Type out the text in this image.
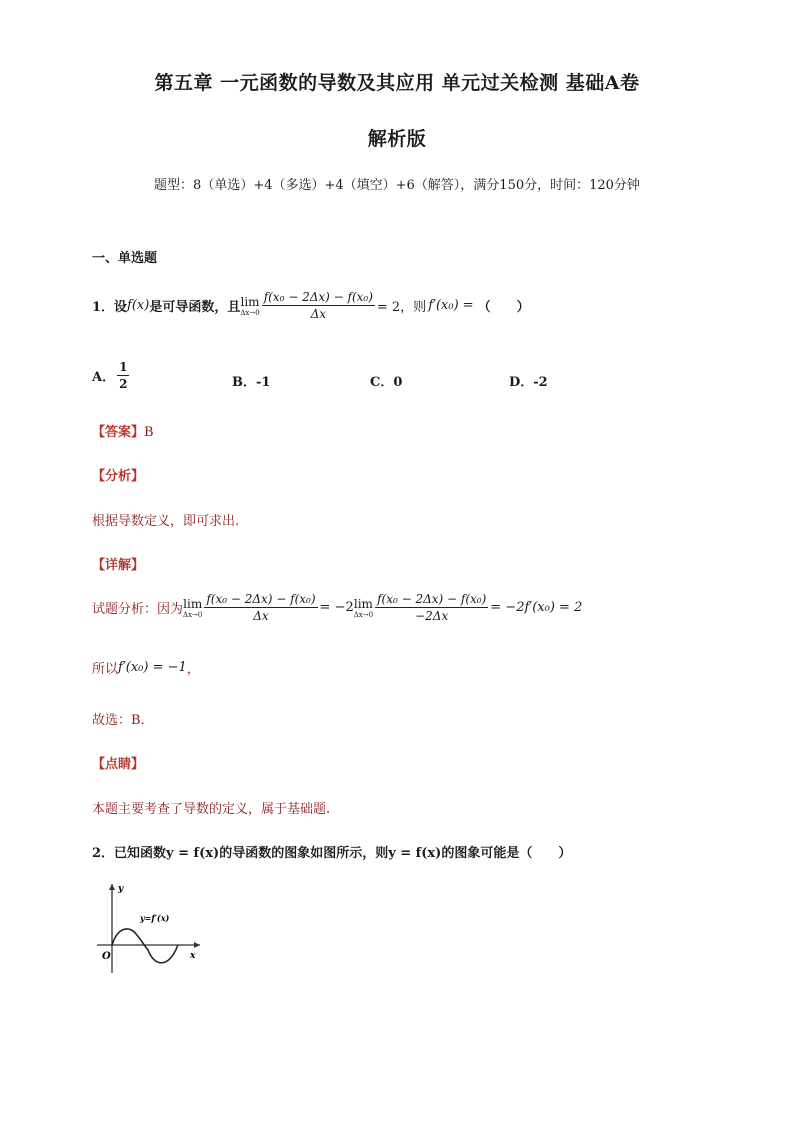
第五章 一元函数的导数及其应用 单元过关检测 基础A卷
解析版
题型：8（单选）+4（多选）+4（填空）+6（解答），满分150分，时间：120分钟
一、单选题
1．设 f(x) 是可导函数，且 lim
$\Delta x\to 0 \frac{\text{f(x₀ − 2Δx) − f(x₀)}}{\Delta x} = 2$，则 f′(x₀) = （　　）
A． $\frac{1}{2}$	B．-1	C．0	D．-2
【答案】B
【分析】
根据导数定义，即可求出.
【详解】
试题分析：因为 lim
$\Delta x\to 0 \frac{\text{f(x₀ − 2Δx) − f(x₀)}}{\Delta x} = -2$ lim
$\Delta x\to 0 \frac{\text{f(x₀ − 2Δx) − f(x₀)}}{-2\Delta x} = -2f'(x_0) = 2$
所以 f′(x₀) = −1 ，
故选：B.
【点睛】
本题主要考查了导数的定义，属于基础题.
2．已知函数y = f(x)的导函数的图象如图所示，则y = f(x)的图象可能是（　　）
y
x
O
y=f′(x)
